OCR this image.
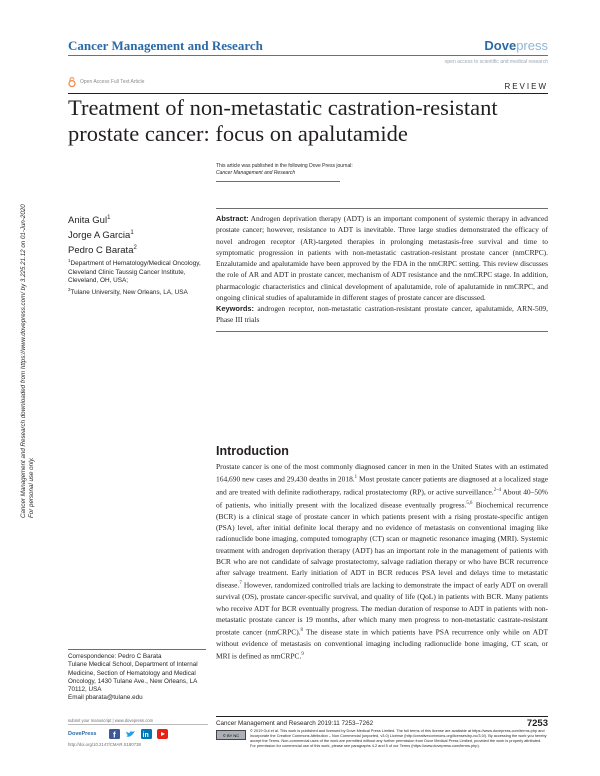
Cancer Management and Research	Dovepress
open access to scientific and medical research
Open Access Full Text Article	REVIEW
Treatment of non-metastatic castration-resistant prostate cancer: focus on apalutamide
This article was published in the following Dove Press journal:
Cancer Management and Research
Cancer Management and Research downloaded from https://www.dovepress.com/ by 3.225.21.12 on 01-Jun-2020 For personal use only.
Anita Gul$^1$
Jorge A Garcia$^1$
Pedro C Barata$^2$
$^1$Department of Hematology/Medical Oncology, Cleveland Clinic Taussig Cancer Institute, Cleveland, OH, USA;
$^2$Tulane University, New Orleans, LA, USA
Abstract: Androgen deprivation therapy (ADT) is an important component of systemic therapy in advanced prostate cancer; however, resistance to ADT is inevitable. Three large studies demonstrated the efficacy of novel androgen receptor (AR)-targeted therapies in prolonging metastasis-free survival and time to symptomatic progression in patients with non-metastatic castration-resistant prostate cancer (nmCRPC). Enzalutamide and apalutamide have been approved by the FDA in the nmCRPC setting. This review discusses the role of AR and ADT in prostate cancer, mechanism of ADT resistance and the nmCRPC stage. In addition, pharmacologic characteristics and clinical development of apalutamide, role of apalutamide in nmCRPC, and ongoing clinical studies of apalutamide in different stages of prostate cancer are discussed.
Keywords: androgen receptor, non-metastatic castration-resistant prostate cancer, apalutamide, ARN-509, Phase III trials
Introduction
Prostate cancer is one of the most commonly diagnosed cancer in men in the United States with an estimated 164,690 new cases and 29,430 deaths in 2018.$^1$ Most prostate cancer patients are diagnosed at a localized stage and are treated with definite radiotherapy, radical prostatectomy (RP), or active surveillance.$^{2-4}$ About 40–50% of patients, who initially present with the localized disease eventually progress.$^{5,6}$ Biochemical recurrence (BCR) is a clinical stage of prostate cancer in which patients present with a rising prostate-specific antigen (PSA) level, after initial definite local therapy and no evidence of metastasis on conventional imaging like radionuclide bone imaging, computed tomography (CT) scan or magnetic resonance imaging (MRI). Systemic treatment with androgen deprivation therapy (ADT) has an important role in the management of patients with BCR who are not candidate of salvage prostatectomy, salvage radiation therapy or who have BCR recurrence after salvage treatment. Early initiation of ADT in BCR reduces PSA level and delays time to metastatic disease.$^7$ However, randomized controlled trials are lacking to demonstrate the impact of early ADT on overall survival (OS), prostate cancer-specific survival, and quality of life (QoL) in patients with BCR. Many patients who receive ADT for BCR eventually progress. The median duration of response to ADT in patients with non-metastatic prostate cancer is 19 months, after which many men progress to non-metastatic castrate-resistant prostate cancer (nmCRPC).$^8$ The disease state in which patients have PSA recurrence only while on ADT without evidence of metastasis on conventional imaging including radionuclide bone imaging, CT scan, or MRI is defined as nmCRPC.$^9$
Correspondence: Pedro C Barata
Tulane Medical School, Department of Internal Medicine, Section of Hematology and Medical Oncology, 1430 Tulane Ave., New Orleans, LA 70112, USA
Email pbarata@tulane.edu
submit your manuscript | www.dovepress.com
DovePress	f	in
http://doi.org/10.2147/CMAR.S180738
Cancer Management and Research 2019:11 7253–7262	7253
© BY NC
© 2019 Gul et al. This work is published and licensed by Dove Medical Press Limited. The full terms of this license are available at https://www.dovepress.com/terms.php and incorporate the Creative Commons Attribution – Non Commercial (unported, v3.0) License (http://creativecommons.org/licenses/by-nc/3.0/). By accessing the work you hereby accept the Terms. Non-commercial uses of the work are permitted without any further permission from Dove Medical Press Limited, provided the work is properly attributed. For permission for commercial use of this work, please see paragraphs 4.2 and 5 of our Terms (https://www.dovepress.com/terms.php).
